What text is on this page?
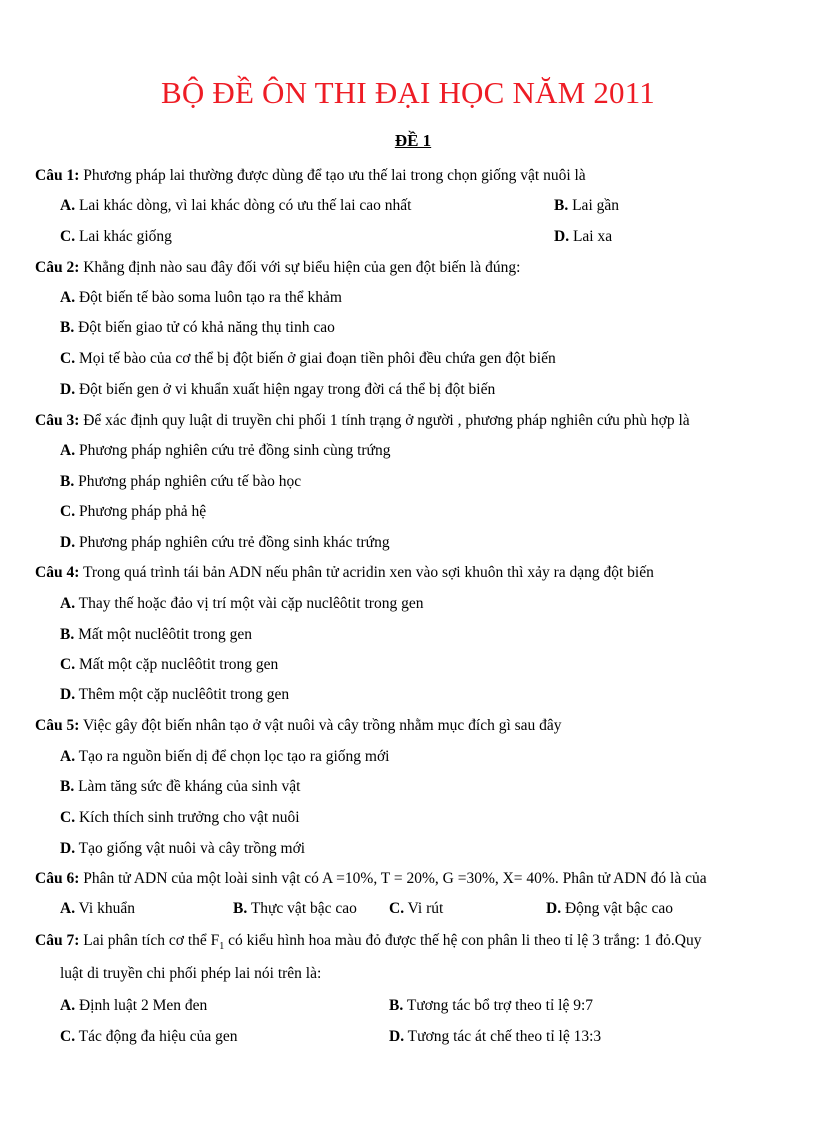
BỘ ĐỀ ÔN THI ĐẠI HỌC NĂM 2011
ĐỀ 1
Câu 1: Phương pháp lai thường được dùng để tạo ưu thế lai trong chọn giống vật nuôi là
A. Lai khác dòng, vì lai khác dòng có ưu thế lai cao nhất	B. Lai gần
C. Lai khác giống	D. Lai xa
Câu 2: Khẳng định nào sau đây đối với sự biểu hiện của gen đột biến là đúng:
A. Đột biến tế bào soma luôn tạo ra thể khảm
B. Đột biến giao tử có khả năng thụ tinh cao
C. Mọi tế bào của cơ thể bị đột biến ở giai đoạn tiền phôi đều chứa gen đột biến
D. Đột biến gen ở vi khuẩn xuất hiện ngay trong đời cá thể bị đột biến
Câu 3: Để xác định quy luật di truyền chi phối 1 tính trạng ở người , phương pháp nghiên cứu phù hợp là
A. Phương pháp nghiên cứu trẻ đồng sinh cùng trứng
B. Phương pháp nghiên cứu tế bào học
C. Phương pháp phả hệ
D. Phương pháp nghiên cứu trẻ đồng sinh khác trứng
Câu 4: Trong quá trình tái bản ADN nếu phân tử acridin xen vào sợi khuôn thì xảy ra dạng đột biến
A. Thay thế hoặc đảo vị trí một vài cặp nuclêôtit trong gen
B. Mất một nuclêôtit trong gen
C. Mất một cặp nuclêôtit trong gen
D. Thêm một cặp nuclêôtit trong gen
Câu 5: Việc gây đột biến nhân tạo ở vật nuôi và cây trồng nhằm mục đích gì sau đây
A. Tạo ra nguồn biến dị để chọn lọc tạo ra giống mới
B. Làm tăng sức đề kháng của sinh vật
C. Kích thích sinh trưởng cho vật nuôi
D. Tạo giống vật nuôi và cây trồng mới
Câu 6: Phân tử ADN của một loài sinh vật có A =10%, T = 20%, G =30%, X= 40%. Phân tử ADN đó là của
A. Vi khuẩn	B. Thực vật bậc cao C. Vi rút	D. Động vật bậc cao
Câu 7: Lai phân tích cơ thể $F_1$ có kiểu hình hoa màu đỏ được thế hệ con phân li theo tỉ lệ 3 trắng: 1 đỏ.Quy
luật di truyền chi phối phép lai nói trên là:
A. Định luật 2 Men đen	B. Tương tác bổ trợ theo tỉ lệ 9:7
C. Tác động đa hiệu của gen	D. Tương tác át chế theo tỉ lệ 13:3
